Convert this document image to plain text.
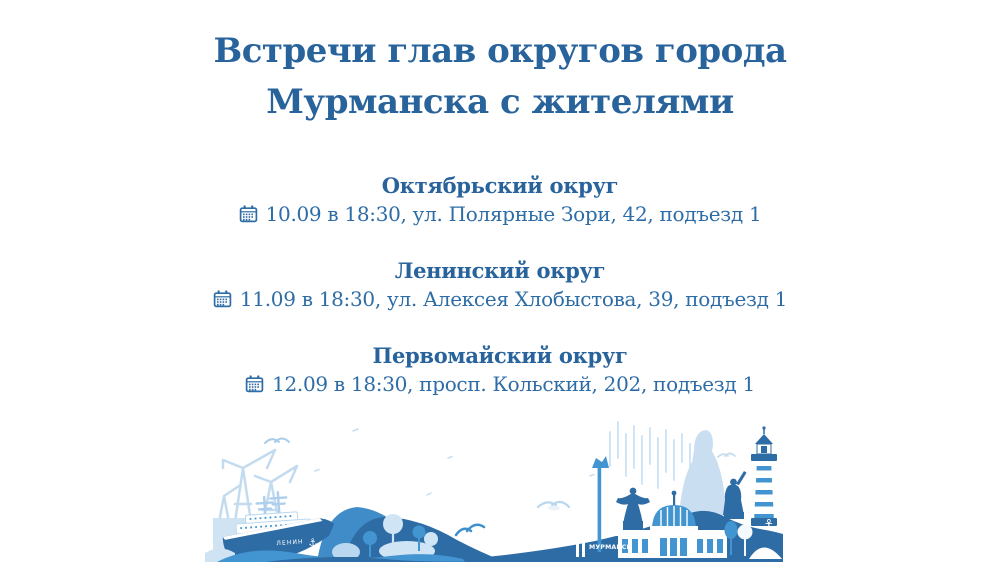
Встречи глав округов города
Мурманска с жителями
Октябрьский округ
10.09 в 18:30, ул. Полярные Зори, 42, подъезд 1
Ленинский округ
11.09 в 18:30, ул. Алексея Хлобыстова, 39, подъезд 1
Первомайский округ
12.09 в 18:30, просп. Кольский, 202, подъезд 1
МУРМАНСК
⚓
ЛЕНИН ⚓
